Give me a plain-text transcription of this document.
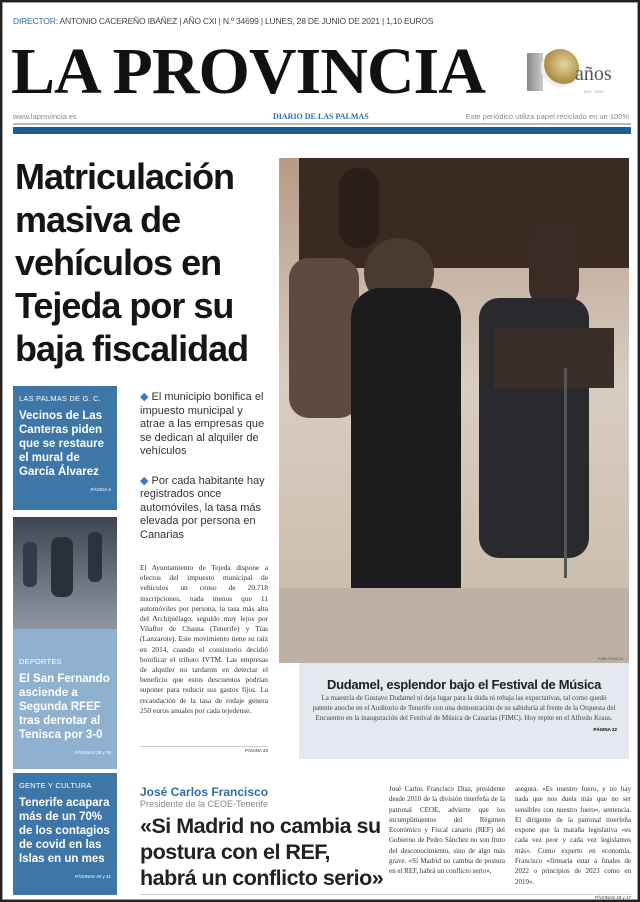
DIRECTOR: ANTONIO CACEREÑO IBÁÑEZ | AÑO CXI | N.º 34699 | LUNES, 28 DE JUNIO DE 2021 | 1,10 EUROS
LA PROVINCIA	años
1911 - 2021
www.laprovincia.es	DIARIO DE LAS PALMAS	Este periódico utiliza papel reciclado en un 100%
Matriculación masiva de vehículos en Tejeda por su baja fiscalidad
LAS PALMAS DE G. C.
Vecinos de Las Canteras piden que se restaure el mural de García Álvarez
PÁGINA 6
DEPORTES
El San Fernando asciende a Segunda RFEF tras derrotar al Tenisca por 3-0
PÁGINAS 38 y 39
GENTE Y CULTURA
Tenerife acapara más de un 70% de los contagios de covid en las Islas en un mes
PÁGINAS 40 y 41
◆ El municipio bonifica el impuesto municipal y atrae a las empresas que se dedican al alquiler de vehículos
◆ Por cada habitante hay registrados once automóviles, la tasa más elevada por persona en Canarias
El Ayuntamiento de Tejeda dispone a efectos del impuesto municipal de vehículos un censo de 20.718 inscripciones, nada menos que 11 automóviles por persona, la tasa más alta del Archipiélago, seguido muy lejos por Vilaflor de Chasna (Tenerife) y Tías (Lanzarote). Este movimiento tiene su raíz en 2014, cuando el consistorio decidió bonificar el tributo IVTM. Las empresas de alquiler no tardaron en detectar el beneficio que estos descuentos podrían suponer para reducir sus gastos fijos. La recaudación de la tasa de rodaje genera 250 euros anuales por cada tejedense.
PÁGINA 20
IVÁN PISACA
Dudamel, esplendor bajo el Festival de Música
La maestría de Gustavo Dudamel ni deja lugar para la duda ni rebaja las expectativas, tal como quedó patente anoche en el Auditorio de Tenerife con una demostración de su sabiduría al frente de la Orquesta del Encuentro en la inauguración del Festival de Música de Canarias (FIMC). Hoy repite en el Alfredo Kraus.
PÁGINA 22
José Carlos Francisco
Presidente de la CEOE-Tenerife
«Si Madrid no cambia su postura con el REF, habrá un conflicto serio»
José Carlos Francisco Díaz, presidente desde 2010 de la división tinerfeña de la patronal CEOE, advierte que los incumplimientos del Régimen Económico y Fiscal canario (REF) del Gobierno de Pedro Sánchez no son fruto del desconocimiento, sino de algo más grave. «Si Madrid no cambia de postura en el REF, habrá un conflicto serio»,
asegura. «Es nuestro fuero, y no hay nada que nos duela más que no ser sensibles con nuestro fuero», sentencia. El dirigente de la patronal tinerfeña expone que la maraña legislativa «es cada vez peor y cada vez legislamos más». Como experto en economía, Francisco «firmaría estar a finales de 2022 o principios de 2023 como en 2019».
PÁGINAS 16 y 17
